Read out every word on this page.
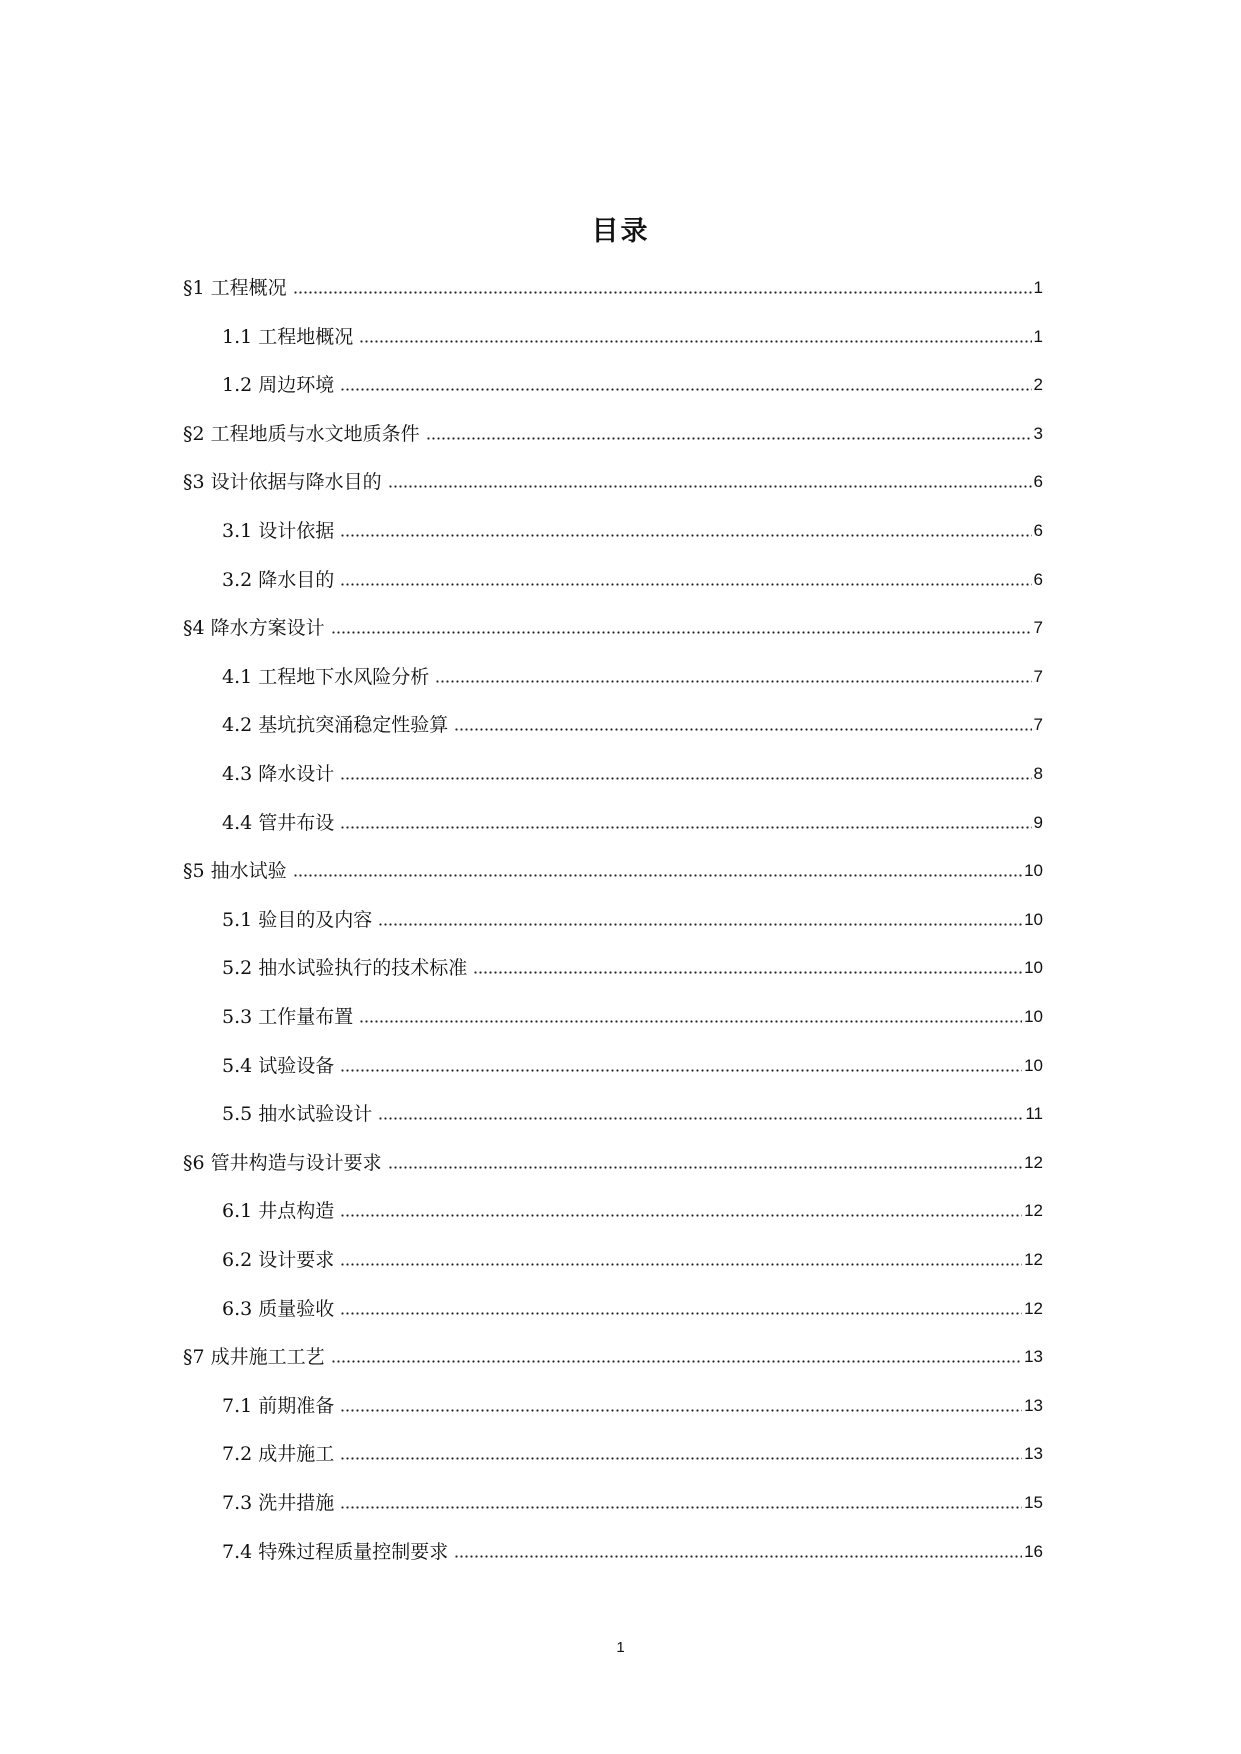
目录
§1 工程概况	1
1.1 工程地概况	1
1.2 周边环境	2
§2 工程地质与水文地质条件	3
§3 设计依据与降水目的	6
3.1 设计依据	6
3.2 降水目的	6
§4 降水方案设计	7
4.1 工程地下水风险分析	7
4.2 基坑抗突涌稳定性验算	7
4.3 降水设计	8
4.4 管井布设	9
§5 抽水试验	10
5.1 验目的及内容	10
5.2 抽水试验执行的技术标准	10
5.3 工作量布置	10
5.4 试验设备	10
5.5 抽水试验设计	11
§6 管井构造与设计要求	12
6.1 井点构造	12
6.2 设计要求	12
6.3 质量验收	12
§7 成井施工工艺	13
7.1 前期准备	13
7.2 成井施工	13
7.3 洗井措施	15
7.4 特殊过程质量控制要求	16
1
